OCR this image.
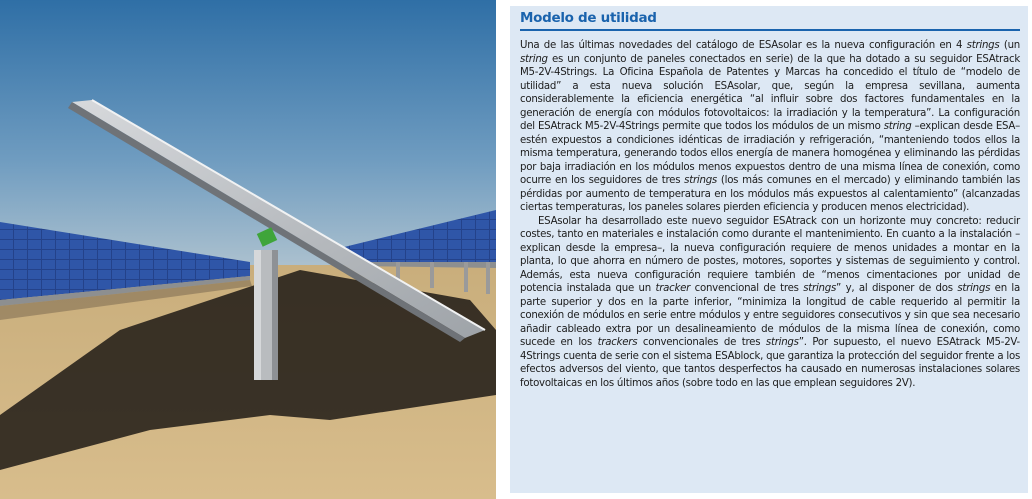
Modelo de utilidad

Una de las últimas novedades del catálogo de ESAsolar es la nueva configuración en 4 strings (un string es un conjunto de paneles conectados en serie) de la que ha dotado a su seguidor ESAtrack M5-2V-4Strings. La Oficina Española de Patentes y Marcas ha concedido el título de “modelo de utilidad” a esta nueva solución ESAsolar, que, según la empresa sevillana, aumenta considerablemente la eficiencia energética “al influir sobre dos factores fundamentales en la generación de energía con módulos fotovoltaicos: la irradiación y la temperatura”. La configuración del ESAtrack M5-2V-4Strings permite que todos los módulos de un mismo string –explican desde ESA– estén expuestos a condiciones idénticas de irradiación y refrigeración, “manteniendo todos ellos la misma temperatura, generando todos ellos energía de manera homogénea y eliminando las pérdidas por baja irradiación en los módulos menos expuestos dentro de una misma línea de conexión, como ocurre en los seguidores de tres strings (los más comunes en el mercado) y eliminando también las pérdidas por aumento de temperatura en los módulos más expuestos al calentamiento” (alcanzadas ciertas temperaturas, los paneles solares pierden eficiencia y producen menos electricidad).

ESAsolar ha desarrollado este nuevo seguidor ESAtrack con un horizonte muy concreto: reducir costes, tanto en materiales e instalación como durante el mantenimiento. En cuanto a la instalación –explican desde la empresa–, la nueva configuración requiere de menos unidades a montar en la planta, lo que ahorra en número de postes, motores, soportes y sistemas de seguimiento y control. Además, esta nueva configuración requiere también de “menos cimentaciones por unidad de potencia instalada que un tracker convencional de tres strings” y, al disponer de dos strings en la parte superior y dos en la parte inferior, “minimiza la longitud de cable requerido al permitir la conexión de módulos en serie entre módulos y entre seguidores consecutivos y sin que sea necesario añadir cableado extra por un desalineamiento de módulos de la misma línea de conexión, como sucede en los trackers convencionales de tres strings”. Por supuesto, el nuevo ESAtrack M5-2V-4Strings cuenta de serie con el sistema ESAblock, que garantiza la protección del seguidor frente a los efectos adversos del viento, que tantos desperfectos ha causado en numerosas instalaciones solares fotovoltaicas en los últimos años (sobre todo en las que emplean seguidores 2V).
